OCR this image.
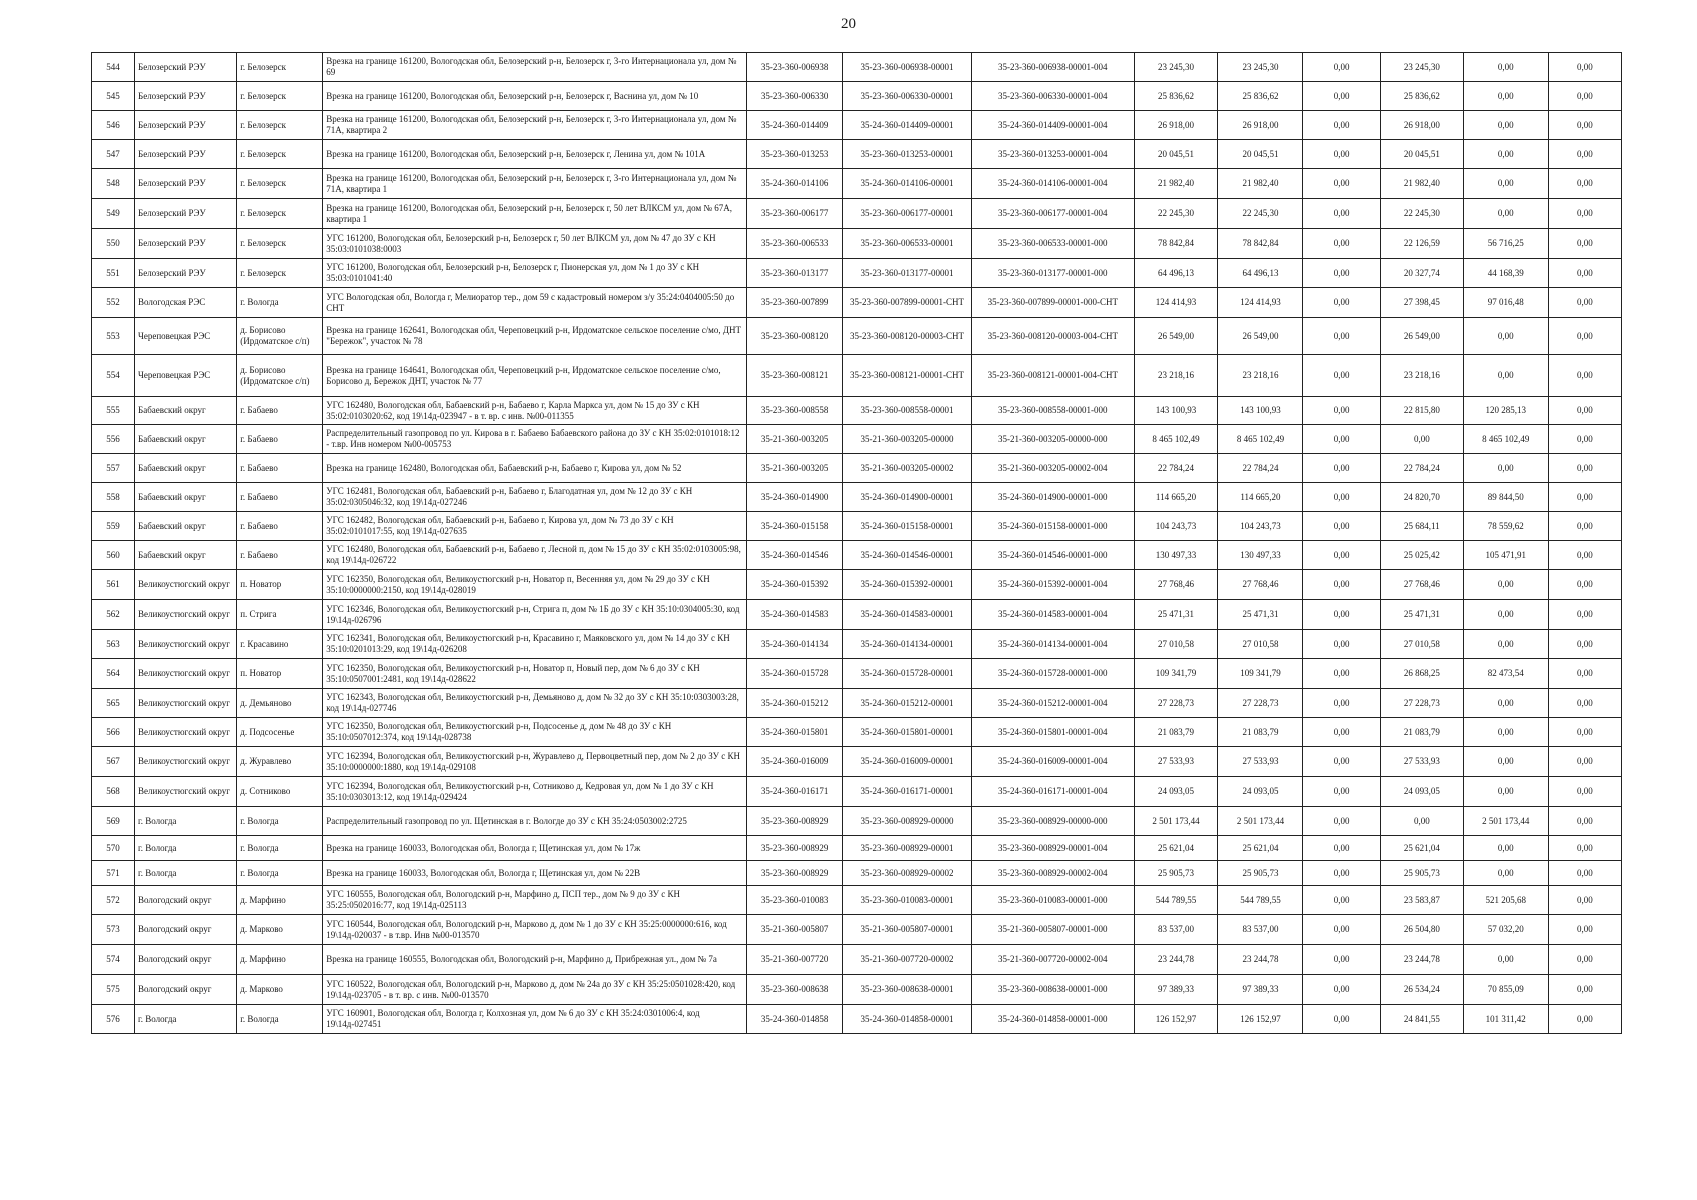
20
544	Белозерский РЭУ	г. Белозерск	Врезка на границе 161200, Вологодская обл, Белозерский р-н, Белозерск г, 3-го Интернационала ул, дом № 69	35-23-360-006938	35-23-360-006938-00001	35-23-360-006938-00001-004	23 245,30	23 245,30	0,00	23 245,30	0,00	0,00
545	Белозерский РЭУ	г. Белозерск	Врезка на границе 161200, Вологодская обл, Белозерский р-н, Белозерск г, Васнина ул, дом № 10	35-23-360-006330	35-23-360-006330-00001	35-23-360-006330-00001-004	25 836,62	25 836,62	0,00	25 836,62	0,00	0,00
546	Белозерский РЭУ	г. Белозерск	Врезка на границе 161200, Вологодская обл, Белозерский р-н, Белозерск г, 3-го Интернационала ул, дом № 71А, квартира 2	35-24-360-014409	35-24-360-014409-00001	35-24-360-014409-00001-004	26 918,00	26 918,00	0,00	26 918,00	0,00	0,00
547	Белозерский РЭУ	г. Белозерск	Врезка на границе 161200, Вологодская обл, Белозерский р-н, Белозерск г, Ленина ул, дом № 101А	35-23-360-013253	35-23-360-013253-00001	35-23-360-013253-00001-004	20 045,51	20 045,51	0,00	20 045,51	0,00	0,00
548	Белозерский РЭУ	г. Белозерск	Врезка на границе 161200, Вологодская обл, Белозерский р-н, Белозерск г, 3-го Интернационала ул, дом № 71А, квартира 1	35-24-360-014106	35-24-360-014106-00001	35-24-360-014106-00001-004	21 982,40	21 982,40	0,00	21 982,40	0,00	0,00
549	Белозерский РЭУ	г. Белозерск	Врезка на границе 161200, Вологодская обл, Белозерский р-н, Белозерск г, 50 лет ВЛКСМ ул, дом № 67А, квартира 1	35-23-360-006177	35-23-360-006177-00001	35-23-360-006177-00001-004	22 245,30	22 245,30	0,00	22 245,30	0,00	0,00
550	Белозерский РЭУ	г. Белозерск	УГС 161200, Вологодская обл, Белозерский р-н, Белозерск г, 50 лет ВЛКСМ ул, дом № 47 до ЗУ с КН 35:03:0101038:0003	35-23-360-006533	35-23-360-006533-00001	35-23-360-006533-00001-000	78 842,84	78 842,84	0,00	22 126,59	56 716,25	0,00
551	Белозерский РЭУ	г. Белозерск	УГС 161200, Вологодская обл, Белозерский р-н, Белозерск г, Пионерская ул, дом № 1 до ЗУ с КН 35:03:0101041:40	35-23-360-013177	35-23-360-013177-00001	35-23-360-013177-00001-000	64 496,13	64 496,13	0,00	20 327,74	44 168,39	0,00
552	Вологодская РЭС	г. Вологда	УГС Вологодская обл, Вологда г, Мелиоратор тер., дом 59 с кадастровый номером з/у 35:24:0404005:50 до СНТ	35-23-360-007899	35-23-360-007899-00001-СНТ	35-23-360-007899-00001-000-СНТ	124 414,93	124 414,93	0,00	27 398,45	97 016,48	0,00
553	Череповецкая РЭС	д. Борисово (Ирдоматское с/п)	Врезка на границе 162641, Вологодская обл, Череповецкий р-н, Ирдоматское сельское поселение с/мо, ДНТ "Бережок", участок № 78	35-23-360-008120	35-23-360-008120-00003-СНТ	35-23-360-008120-00003-004-СНТ	26 549,00	26 549,00	0,00	26 549,00	0,00	0,00
554	Череповецкая РЭС	д. Борисово (Ирдоматское с/п)	Врезка на границе 164641, Вологодская обл, Череповецкий р-н, Ирдоматское сельское поселение с/мо, Борисово д, Бережок ДНТ, участок № 77	35-23-360-008121	35-23-360-008121-00001-СНТ	35-23-360-008121-00001-004-СНТ	23 218,16	23 218,16	0,00	23 218,16	0,00	0,00
555	Бабаевский округ	г. Бабаево	УГС 162480, Вологодская обл, Бабаевский р-н, Бабаево г, Карла Маркса ул, дом № 15 до ЗУ с КН 35:02:0103020:62, код 19\14д-023947 - в т. вр. с инв. №00-011355	35-23-360-008558	35-23-360-008558-00001	35-23-360-008558-00001-000	143 100,93	143 100,93	0,00	22 815,80	120 285,13	0,00
556	Бабаевский округ	г. Бабаево	Распределительный газопровод по ул. Кирова в г. Бабаево Бабаевского района до ЗУ с КН 35:02:0101018:12 - т.вр. Инв номером №00-005753	35-21-360-003205	35-21-360-003205-00000	35-21-360-003205-00000-000	8 465 102,49	8 465 102,49	0,00	0,00	8 465 102,49	0,00
557	Бабаевский округ	г. Бабаево	Врезка на границе 162480, Вологодская обл, Бабаевский р-н, Бабаево г, Кирова ул, дом № 52	35-21-360-003205	35-21-360-003205-00002	35-21-360-003205-00002-004	22 784,24	22 784,24	0,00	22 784,24	0,00	0,00
558	Бабаевский округ	г. Бабаево	УГС 162481, Вологодская обл, Бабаевский р-н, Бабаево г, Благодатная ул, дом № 12 до ЗУ с КН 35:02:0305046:32, код 19\14д-027246	35-24-360-014900	35-24-360-014900-00001	35-24-360-014900-00001-000	114 665,20	114 665,20	0,00	24 820,70	89 844,50	0,00
559	Бабаевский округ	г. Бабаево	УГС 162482, Вологодская обл, Бабаевский р-н, Бабаево г, Кирова ул, дом № 73 до ЗУ с КН 35:02:0101017:55, код 19\14д-027635	35-24-360-015158	35-24-360-015158-00001	35-24-360-015158-00001-000	104 243,73	104 243,73	0,00	25 684,11	78 559,62	0,00
560	Бабаевский округ	г. Бабаево	УГС 162480, Вологодская обл, Бабаевский р-н, Бабаево г, Лесной п, дом № 15 до ЗУ с КН 35:02:0103005:98, код 19\14д-026722	35-24-360-014546	35-24-360-014546-00001	35-24-360-014546-00001-000	130 497,33	130 497,33	0,00	25 025,42	105 471,91	0,00
561	Великоустюгский округ	п. Новатор	УГС 162350, Вологодская обл, Великоустюгский р-н, Новатор п, Весенняя ул, дом № 29 до ЗУ с КН 35:10:0000000:2150, код 19\14д-028019	35-24-360-015392	35-24-360-015392-00001	35-24-360-015392-00001-004	27 768,46	27 768,46	0,00	27 768,46	0,00	0,00
562	Великоустюгский округ	п. Стрига	УГС 162346, Вологодская обл, Великоустюгский р-н, Стрига п, дом № 1Б до ЗУ с КН 35:10:0304005:30, код 19\14д-026796	35-24-360-014583	35-24-360-014583-00001	35-24-360-014583-00001-004	25 471,31	25 471,31	0,00	25 471,31	0,00	0,00
563	Великоустюгский округ	г. Красавино	УГС 162341, Вологодская обл, Великоустюгский р-н, Красавино г, Маяковского ул, дом № 14 до ЗУ с КН 35:10:0201013:29, код 19\14д-026208	35-24-360-014134	35-24-360-014134-00001	35-24-360-014134-00001-004	27 010,58	27 010,58	0,00	27 010,58	0,00	0,00
564	Великоустюгский округ	п. Новатор	УГС 162350, Вологодская обл, Великоустюгский р-н, Новатор п, Новый пер, дом № 6 до ЗУ с КН 35:10:0507001:2481, код 19\14д-028622	35-24-360-015728	35-24-360-015728-00001	35-24-360-015728-00001-000	109 341,79	109 341,79	0,00	26 868,25	82 473,54	0,00
565	Великоустюгский округ	д. Демьяново	УГС 162343, Вологодская обл, Великоустюгский р-н, Демьяново д, дом № 32 до ЗУ с КН 35:10:0303003:28, код 19\14д-027746	35-24-360-015212	35-24-360-015212-00001	35-24-360-015212-00001-004	27 228,73	27 228,73	0,00	27 228,73	0,00	0,00
566	Великоустюгский округ	д. Подсосенье	УГС 162350, Вологодская обл, Великоустюгский р-н, Подсосенье д, дом № 48 до ЗУ с КН 35:10:0507012:374, код 19\14д-028738	35-24-360-015801	35-24-360-015801-00001	35-24-360-015801-00001-004	21 083,79	21 083,79	0,00	21 083,79	0,00	0,00
567	Великоустюгский округ	д. Журавлево	УГС 162394, Вологодская обл, Великоустюгский р-н, Журавлево д, Первоцветный пер, дом № 2 до ЗУ с КН 35:10:0000000:1880, код 19\14д-029108	35-24-360-016009	35-24-360-016009-00001	35-24-360-016009-00001-004	27 533,93	27 533,93	0,00	27 533,93	0,00	0,00
568	Великоустюгский округ	д. Сотниково	УГС 162394, Вологодская обл, Великоустюгский р-н, Сотниково д, Кедровая ул, дом № 1 до ЗУ с КН 35:10:0303013:12, код 19\14д-029424	35-24-360-016171	35-24-360-016171-00001	35-24-360-016171-00001-004	24 093,05	24 093,05	0,00	24 093,05	0,00	0,00
569	г. Вологда	г. Вологда	Распределительный газопровод по ул. Щетинская в г. Вологде до ЗУ с КН 35:24:0503002:2725	35-23-360-008929	35-23-360-008929-00000	35-23-360-008929-00000-000	2 501 173,44	2 501 173,44	0,00	0,00	2 501 173,44	0,00
570	г. Вологда	г. Вологда	Врезка на границе 160033, Вологодская обл, Вологда г, Щетинская ул, дом № 17ж	35-23-360-008929	35-23-360-008929-00001	35-23-360-008929-00001-004	25 621,04	25 621,04	0,00	25 621,04	0,00	0,00
571	г. Вологда	г. Вологда	Врезка на границе 160033, Вологодская обл, Вологда г, Щетинская ул, дом № 22В	35-23-360-008929	35-23-360-008929-00002	35-23-360-008929-00002-004	25 905,73	25 905,73	0,00	25 905,73	0,00	0,00
572	Вологодский округ	д. Марфино	УГС 160555, Вологодская обл, Вологодский р-н, Марфино д, ПСП тер., дом № 9 до ЗУ с КН 35:25:0502016:77, код 19\14д-025113	35-23-360-010083	35-23-360-010083-00001	35-23-360-010083-00001-000	544 789,55	544 789,55	0,00	23 583,87	521 205,68	0,00
573	Вологодский округ	д. Марково	УГС 160544, Вологодская обл, Вологодский р-н, Марково д, дом № 1 до ЗУ с КН 35:25:0000000:616, код 19\14д-020037 - в т.вр. Инв №00-013570	35-21-360-005807	35-21-360-005807-00001	35-21-360-005807-00001-000	83 537,00	83 537,00	0,00	26 504,80	57 032,20	0,00
574	Вологодский округ	д. Марфино	Врезка на границе 160555, Вологодская обл, Вологодский р-н, Марфино д, Прибрежная ул., дом № 7а	35-21-360-007720	35-21-360-007720-00002	35-21-360-007720-00002-004	23 244,78	23 244,78	0,00	23 244,78	0,00	0,00
575	Вологодский округ	д. Марково	УГС 160522, Вологодская обл, Вологодский р-н, Марково д, дом № 24а до ЗУ с КН 35:25:0501028:420, код 19\14д-023705 - в т. вр. с инв. №00-013570	35-23-360-008638	35-23-360-008638-00001	35-23-360-008638-00001-000	97 389,33	97 389,33	0,00	26 534,24	70 855,09	0,00
576	г. Вологда	г. Вологда	УГС 160901, Вологодская обл, Вологда г, Колхозная ул, дом № 6 до ЗУ с КН 35:24:0301006:4, код 19\14д-027451	35-24-360-014858	35-24-360-014858-00001	35-24-360-014858-00001-000	126 152,97	126 152,97	0,00	24 841,55	101 311,42	0,00
